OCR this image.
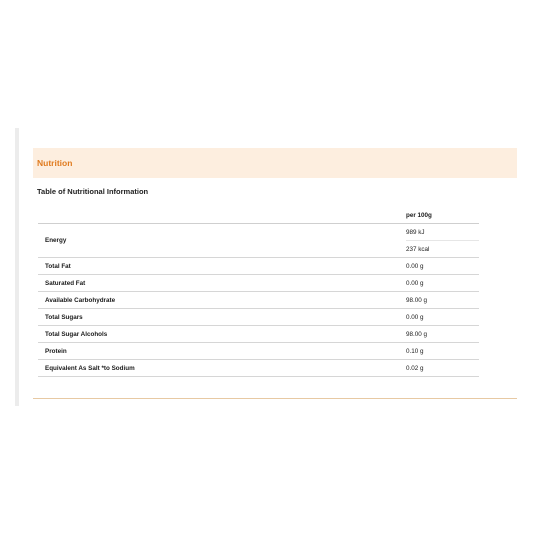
Nutrition
Table of Nutritional Information
	per 100g
Energy	989 kJ
	237 kcal
Total Fat	0.00 g
Saturated Fat	0.00 g
Available Carbohydrate	98.00 g
Total Sugars	0.00 g
Total Sugar Alcohols	98.00 g
Protein	0.10 g
Equivalent As Salt *to Sodium	0.02 g
